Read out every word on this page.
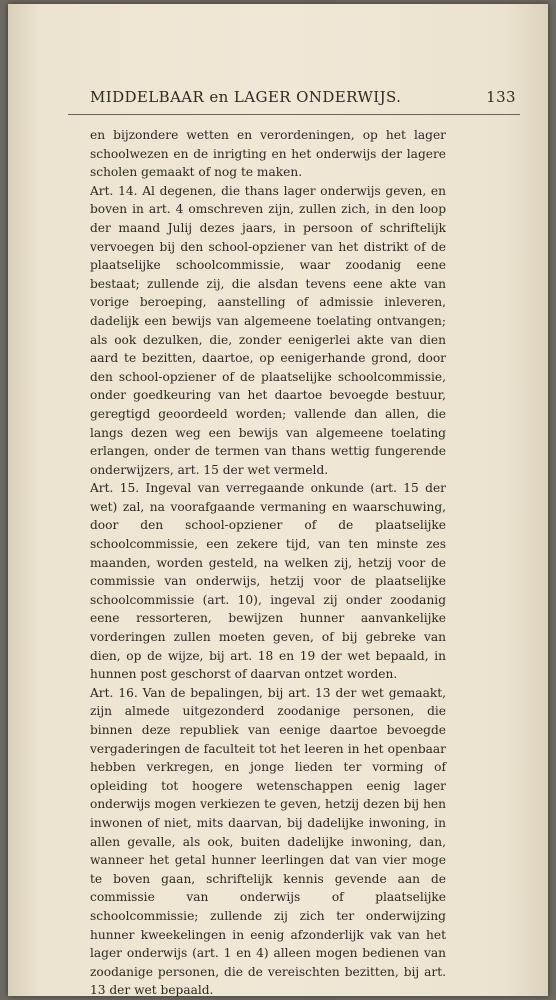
MIDDELBAAR en LAGER ONDERWIJS.	133

en bijzondere wetten en verordeningen, op het lager schoolwezen en de inrigting en het onderwijs der lagere scholen gemaakt of nog te maken.

Art. 14. Al degenen, die thans lager onderwijs geven, en boven in art. 4 omschreven zijn, zullen zich, in den loop der maand Julij dezes jaars, in persoon of schriftelijk vervoegen bij den school-opziener van het distrikt of de plaatselijke schoolcommissie, waar zoodanig eene bestaat; zullende zij, die alsdan tevens eene akte van vorige beroeping, aanstelling of admissie inleveren, dadelijk een bewijs van algemeene toelating ontvangen; als ook dezulken, die, zonder eenigerlei akte van dien aard te bezitten, daartoe, op eenigerhande grond, door den school-opziener of de plaatselijke schoolcommissie, onder goedkeuring van het daartoe bevoegde bestuur, geregtigd geoordeeld worden; vallende dan allen, die langs dezen weg een bewijs van algemeene toelating erlangen, onder de termen van thans wettig fungerende onderwijzers, art. 15 der wet vermeld.

Art. 15. Ingeval van verregaande onkunde (art. 15 der wet) zal, na voorafgaande vermaning en waarschuwing, door den school-opziener of de plaatselijke schoolcommissie, een zekere tijd, van ten minste zes maanden, worden gesteld, na welken zij, hetzij voor de commissie van onderwijs, hetzij voor de plaatselijke schoolcommissie (art. 10), ingeval zij onder zoodanig eene ressorteren, bewijzen hunner aanvankelijke vorderingen zullen moeten geven, of bij gebreke van dien, op de wijze, bij art. 18 en 19 der wet bepaald, in hunnen post geschorst of daarvan ontzet worden.

Art. 16. Van de bepalingen, bij art. 13 der wet gemaakt, zijn almede uitgezonderd zoodanige personen, die binnen deze republiek van eenige daartoe bevoegde vergaderingen de faculteit tot het leeren in het openbaar hebben verkregen, en jonge lieden ter vorming of opleiding tot hoogere wetenschappen eenig lager onderwijs mogen verkiezen te geven, hetzij dezen bij hen inwonen of niet, mits daarvan, bij dadelijke inwoning, in allen gevalle, als ook, buiten dadelijke inwoning, dan, wanneer het getal hunner leerlingen dat van vier moge te boven gaan, schriftelijk kennis gevende aan de commissie van onderwijs of plaatselijke schoolcommissie; zullende zij zich ter onderwijzing hunner kweekelingen in eenig afzonderlijk vak van het lager onderwijs (art. 1 en 4) alleen mogen bedienen van zoodanige personen, die de vereischten bezitten, bij art. 13 der wet bepaald.
